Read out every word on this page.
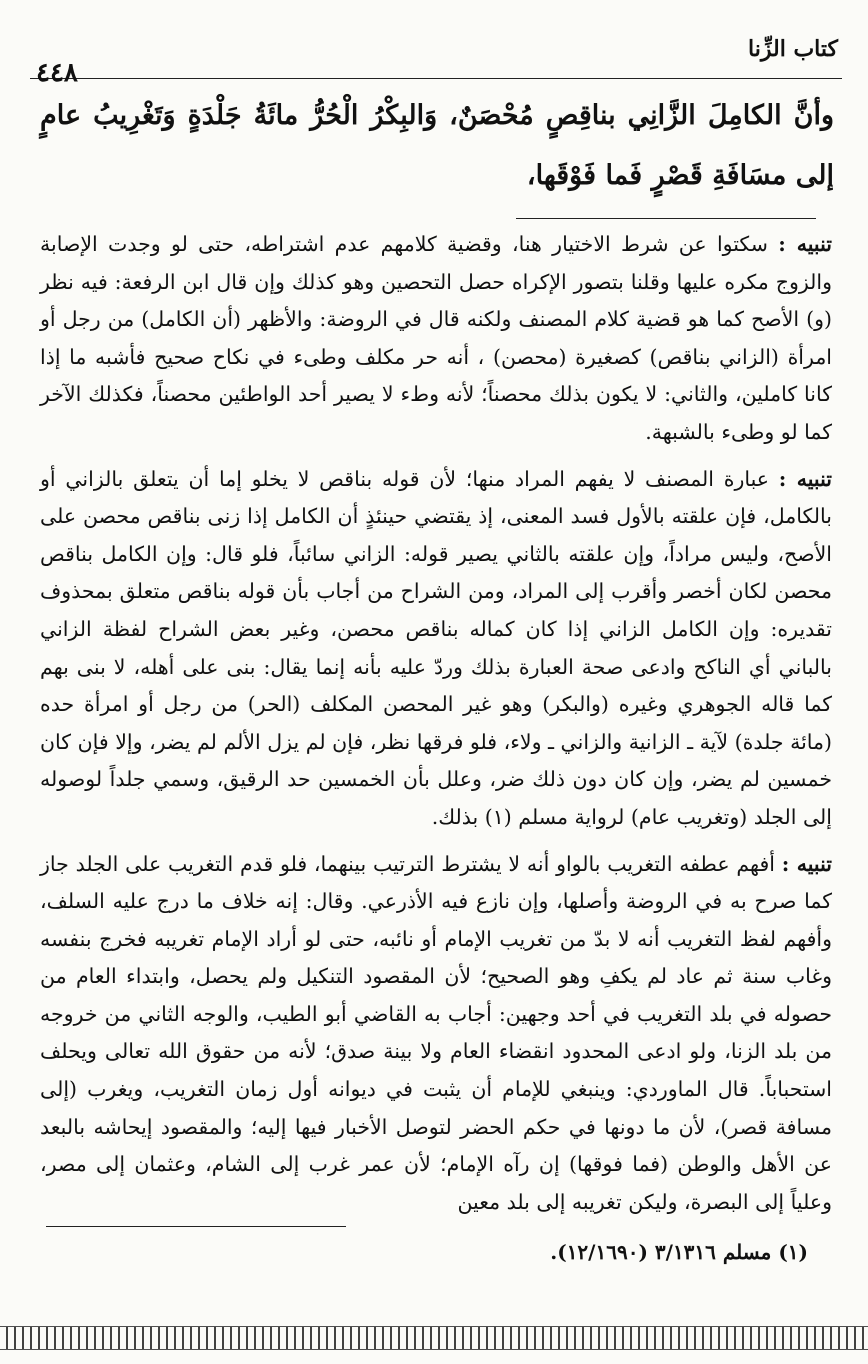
كتاب الزِّنا
٤٤٨
وأنَّ الكامِلَ الزَّانِي بناقِصٍ مُحْصَنٌ، وَالبِكْرُ الْحُرُّ مائَةُ جَلْدَةٍ وَتَغْرِيبُ عامٍ إلى مسَافَةِ قَصْرٍ فَما فَوْقَها،

تنبيه : سكتوا عن شرط الاختيار هنا، وقضية كلامهم عدم اشتراطه، حتى لو وجدت الإصابة والزوج مكره عليها وقلنا بتصور الإكراه حصل التحصين وهو كذلك وإن قال ابن الرفعة: فيه نظر (و) الأصح كما هو قضية كلام المصنف ولكنه قال في الروضة: والأظهر (أن الكامل) من رجل أو امرأة (الزاني بناقص) كصغيرة (محصن) ، أنه حر مكلف وطىء في نكاح صحيح فأشبه ما إذا كانا كاملين، والثاني: لا يكون بذلك محصناً؛ لأنه وطء لا يصير أحد الواطئين محصناً، فكذلك الآخر كما لو وطىء بالشبهة.

تنبيه : عبارة المصنف لا يفهم المراد منها؛ لأن قوله بناقص لا يخلو إما أن يتعلق بالزاني أو بالكامل، فإن علقته بالأول فسد المعنى، إذ يقتضي حينئذٍ أن الكامل إذا زنى بناقص محصن على الأصح، وليس مراداً، وإن علقته بالثاني يصير قوله: الزاني سائباً، فلو قال: وإن الكامل بناقص محصن لكان أخصر وأقرب إلى المراد، ومن الشراح من أجاب بأن قوله بناقص متعلق بمحذوف تقديره: وإن الكامل الزاني إذا كان كماله بناقص محصن، وغير بعض الشراح لفظة الزاني بالباني أي الناكح وادعى صحة العبارة بذلك وردّ عليه بأنه إنما يقال: بنى على أهله، لا بنى بهم كما قاله الجوهري وغيره (والبكر) وهو غير المحصن المكلف (الحر) من رجل أو امرأة حده (مائة جلدة) لآية ـ الزانية والزاني ـ ولاء، فلو فرقها نظر، فإن لم يزل الألم لم يضر، وإلا فإن كان خمسين لم يضر، وإن كان دون ذلك ضر، وعلل بأن الخمسين حد الرقيق، وسمي جلداً لوصوله إلى الجلد (وتغريب عام) لرواية مسلم (١) بذلك.

تنبيه : أفهم عطفه التغريب بالواو أنه لا يشترط الترتيب بينهما، فلو قدم التغريب على الجلد جاز كما صرح به في الروضة وأصلها، وإن نازع فيه الأذرعي. وقال: إنه خلاف ما درج عليه السلف، وأفهم لفظ التغريب أنه لا بدّ من تغريب الإمام أو نائبه، حتى لو أراد الإمام تغريبه فخرج بنفسه وغاب سنة ثم عاد لم يكفِ وهو الصحيح؛ لأن المقصود التنكيل ولم يحصل، وابتداء العام من حصوله في بلد التغريب في أحد وجهين: أجاب به القاضي أبو الطيب، والوجه الثاني من خروجه من بلد الزنا، ولو ادعى المحدود انقضاء العام ولا بينة صدق؛ لأنه من حقوق الله تعالى ويحلف استحباباً. قال الماوردي: وينبغي للإمام أن يثبت في ديوانه أول زمان التغريب، ويغرب (إلى مسافة قصر)، لأن ما دونها في حكم الحضر لتوصل الأخبار فيها إليه؛ والمقصود إيحاشه بالبعد عن الأهل والوطن (فما فوقها) إن رآه الإمام؛ لأن عمر غرب إلى الشام، وعثمان إلى مصر، وعلياً إلى البصرة، وليكن تغريبه إلى بلد معين

(١) مسلم ٣/١٣١٦ (١٢/١٦٩٠).
